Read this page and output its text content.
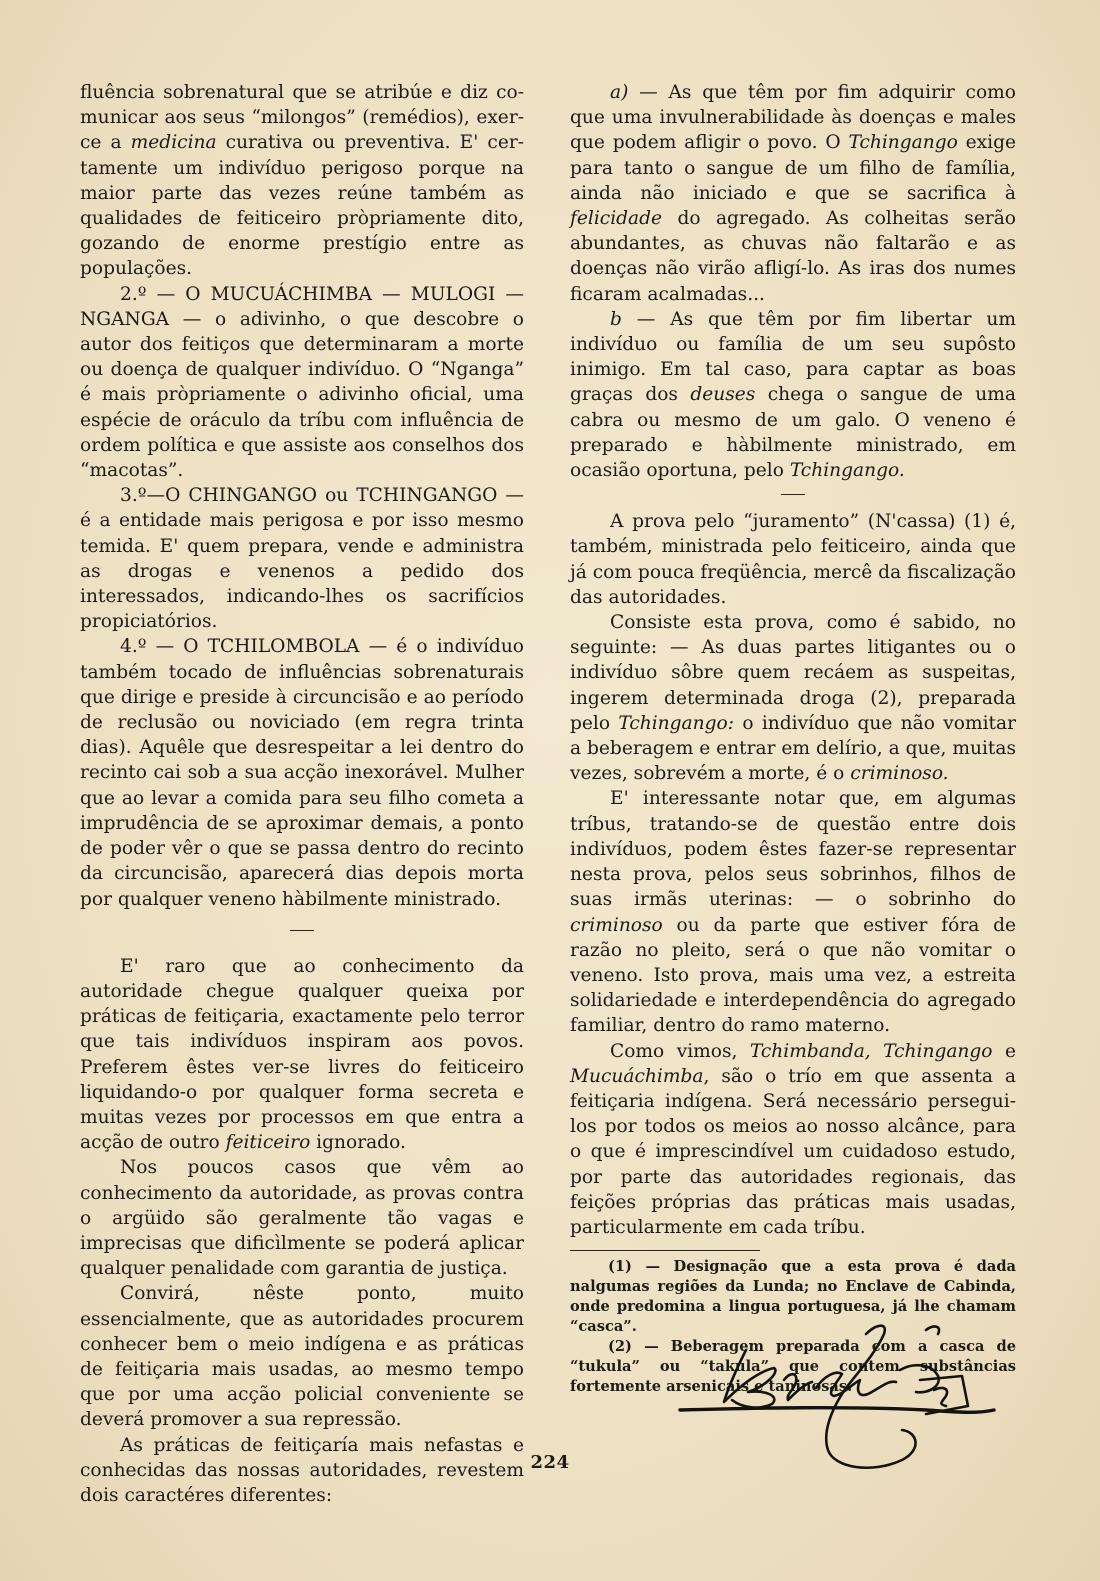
fluência sobrenatural que se atribúe e diz co-municar aos seus “milongos” (remédios), exer-ce a medicina curativa ou preventiva. E' cer-tamente um indivíduo perigoso porque na maior parte das vezes reúne também as qualidades de feiticeiro pròpriamente dito, gozando de enorme prestígio entre as populações.

2.º — O MUCUÁCHIMBA — MULOGI — NGANGA — o adivinho, o que descobre o autor dos feitiços que determinaram a morte ou doença de qualquer indivíduo. O “Nganga” é mais pròpriamente o adivinho oficial, uma espécie de oráculo da tríbu com influência de ordem política e que assiste aos conselhos dos “macotas”.

3.º—O CHINGANGO ou TCHINGANGO — é a entidade mais perigosa e por isso mesmo temida. E' quem prepara, vende e administra as drogas e venenos a pedido dos interessados, indicando-lhes os sacrifícios propiciatórios.

4.º — O TCHILOMBOLA — é o indivíduo também tocado de influências sobrenaturais que dirige e preside à circuncisão e ao período de reclusão ou noviciado (em regra trinta dias). Aquêle que desrespeitar a lei dentro do recinto cai sob a sua acção inexorável. Mulher que ao levar a comida para seu filho cometa a imprudência de se aproximar demais, a ponto de poder vêr o que se passa dentro do recinto da circuncisão, aparecerá dias depois morta por qualquer veneno hàbilmente ministrado.

E' raro que ao conhecimento da autoridade chegue qualquer queixa por práticas de feitiçaria, exactamente pelo terror que tais indivíduos inspiram aos povos. Preferem êstes ver-se livres do feiticeiro liquidando-o por qualquer forma secreta e muitas vezes por processos em que entra a acção de outro feiticeiro ignorado.

Nos poucos casos que vêm ao conhecimento da autoridade, as provas contra o argüido são geralmente tão vagas e imprecisas que dificìlmente se poderá aplicar qualquer penalidade com garantia de justiça.

Convirá, nêste ponto, muito essencialmente, que as autoridades procurem conhecer bem o meio indígena e as práticas de feitiçaria mais usadas, ao mesmo tempo que por uma acção policial conveniente se deverá promover a sua repressão.

As práticas de feitiçaría mais nefastas e conhecidas das nossas autoridades, revestem dois caractéres diferentes:

a) — As que têm por fim adquirir como que uma invulnerabilidade às doenças e males que podem afligir o povo. O Tchingango exige para tanto o sangue de um filho de família, ainda não iniciado e que se sacrifica à felicidade do agregado. As colheitas serão abundantes, as chuvas não faltarão e as doenças não virão afligí-lo. As iras dos numes ficaram acalmadas...

b — As que têm por fim libertar um indivíduo ou família de um seu supôsto inimigo. Em tal caso, para captar as boas graças dos deuses chega o sangue de uma cabra ou mesmo de um galo. O veneno é preparado e hàbilmente ministrado, em ocasião oportuna, pelo Tchingango.

A prova pelo “juramento” (N'cassa) (1) é, também, ministrada pelo feiticeiro, ainda que já com pouca freqüência, mercê da fiscalização das autoridades.

Consiste esta prova, como é sabido, no seguinte: — As duas partes litigantes ou o indivíduo sôbre quem recáem as suspeitas, ingerem determinada droga (2), preparada pelo Tchingango: o indivíduo que não vomitar a beberagem e entrar em delírio, a que, muitas vezes, sobrevém a morte, é o criminoso.

E' interessante notar que, em algumas tríbus, tratando-se de questão entre dois indivíduos, podem êstes fazer-se representar nesta prova, pelos seus sobrinhos, filhos de suas irmãs uterinas: — o sobrinho do criminoso ou da parte que estiver fóra de razão no pleito, será o que não vomitar o veneno. Isto prova, mais uma vez, a estreita solidariedade e interdependência do agregado familiar, dentro do ramo materno.

Como vimos, Tchimbanda, Tchingango e Mucuáchimba, são o trío em que assenta a feitiçaria indígena. Será necessário persegui-los por todos os meios ao nosso alcânce, para o que é imprescindível um cuidadoso estudo, por parte das autoridades regionais, das feições próprias das práticas mais usadas, particularmente em cada tríbu.

(1) — Designação que a esta prova é dada nalgumas regiões da Lunda; no Enclave de Cabinda, onde predomina a lingua portuguesa, já lhe chamam “casca”.

(2) — Beberagem preparada com a casca de “tukula” ou “takula” que contem substâncias fortemente arsenicais e taninosas.

224
